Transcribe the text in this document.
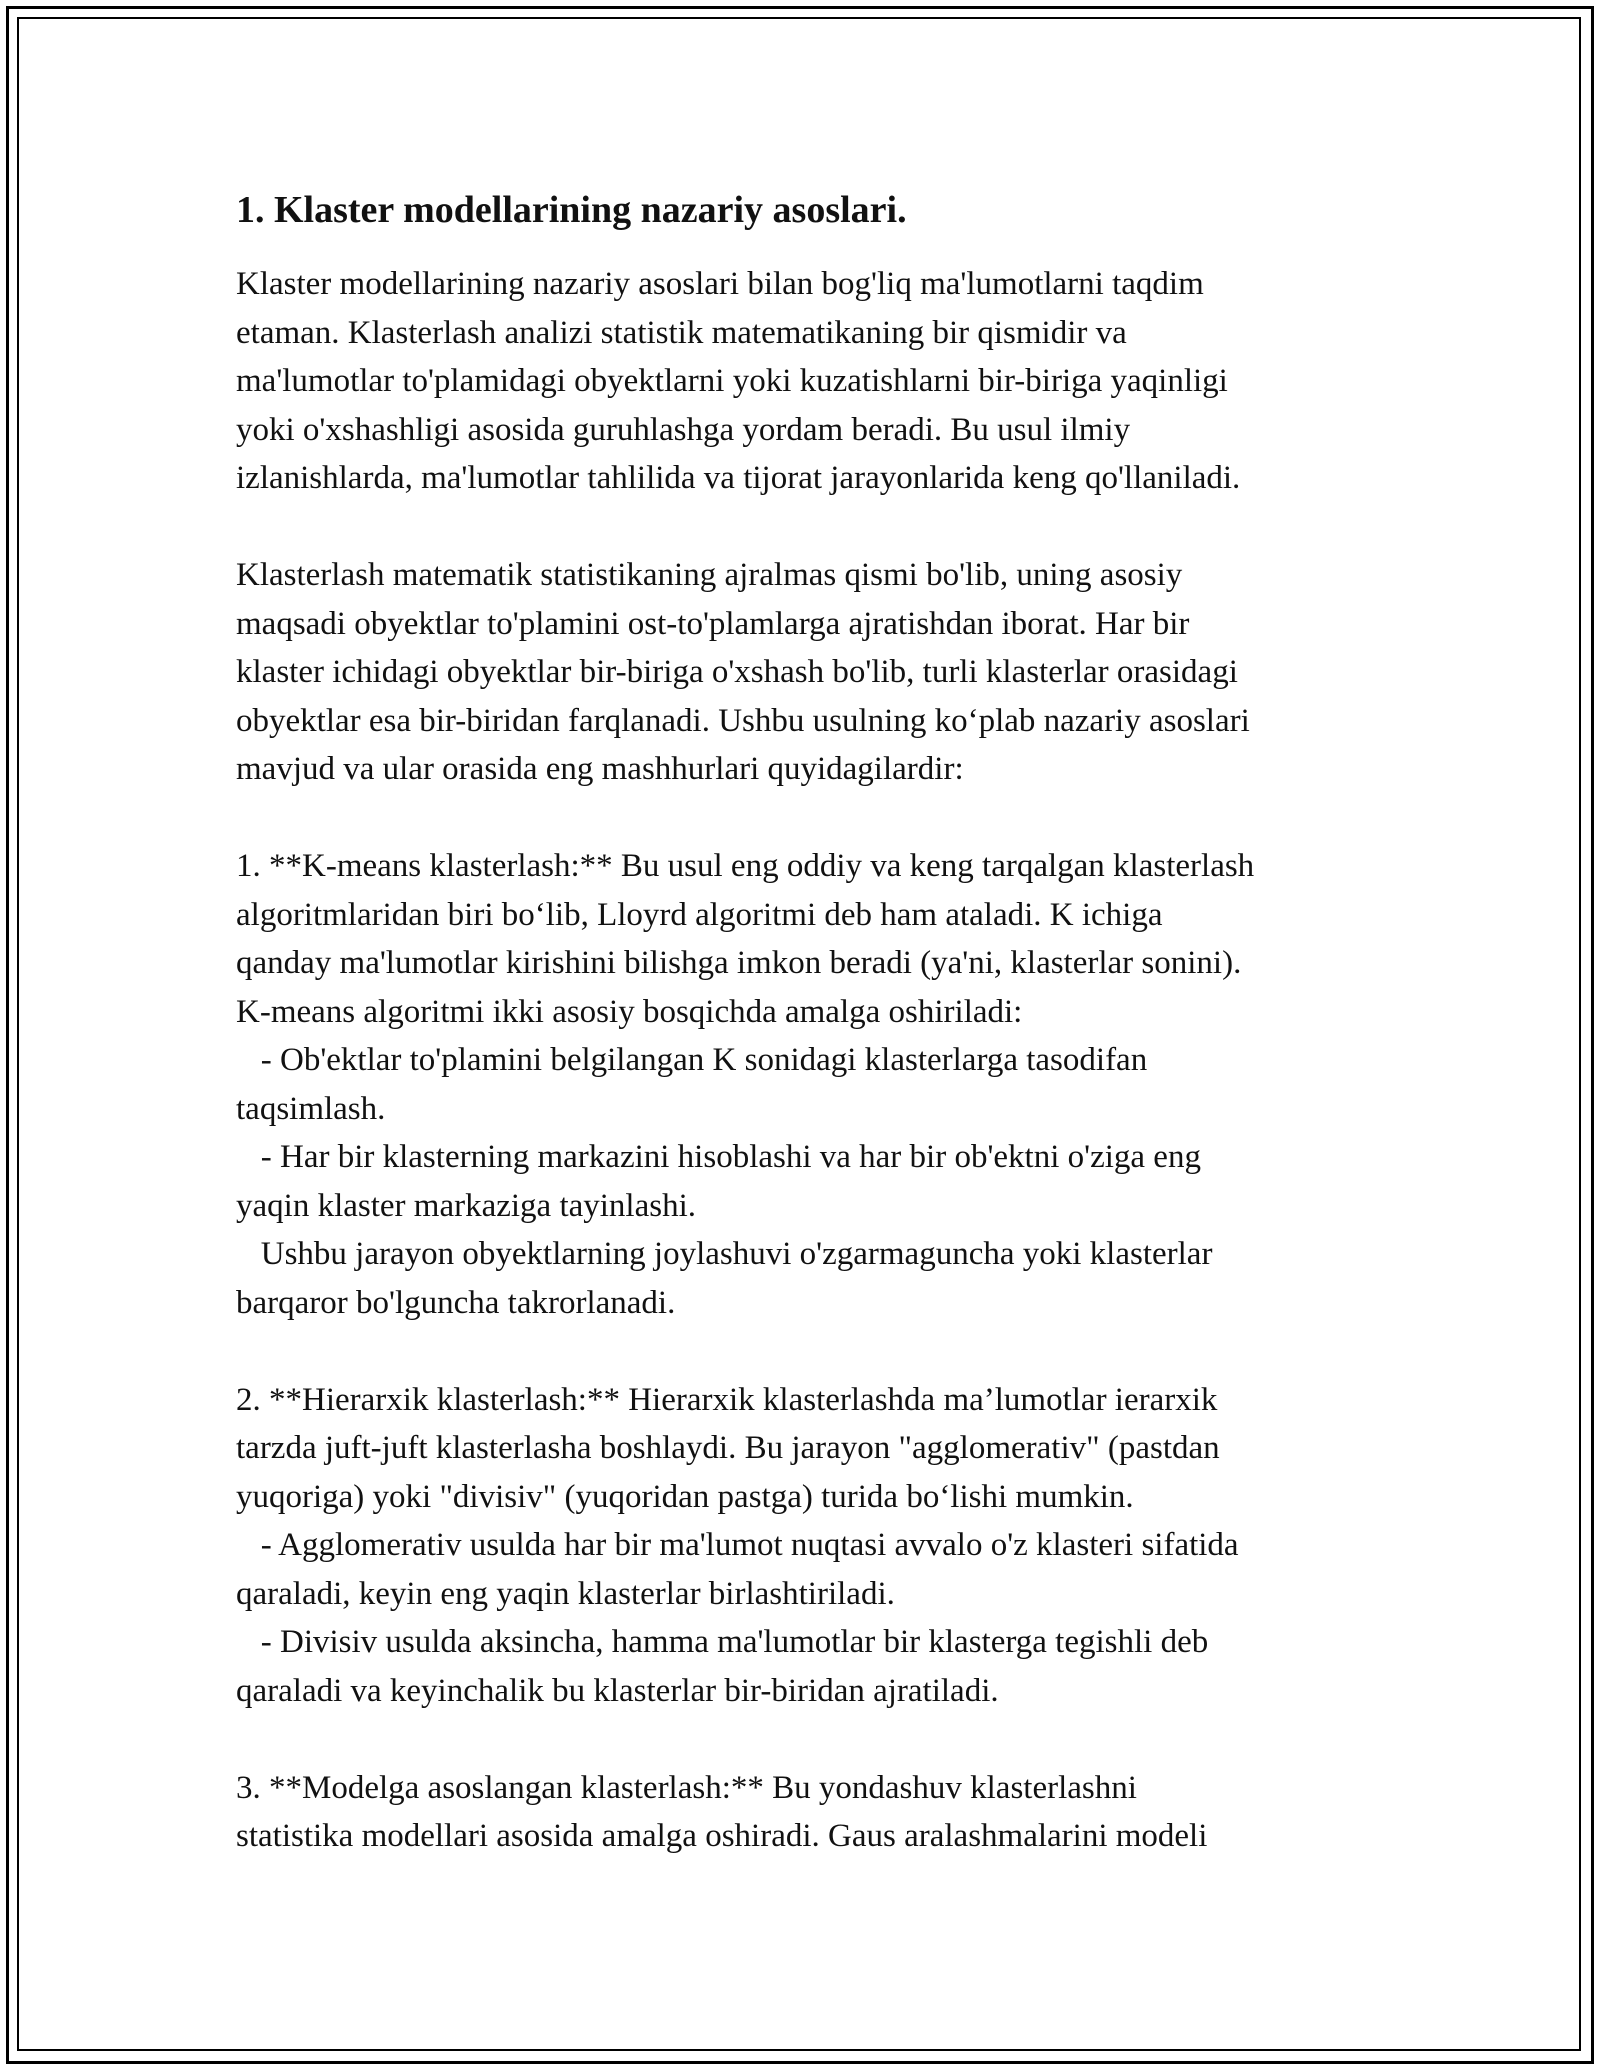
1. Klaster modellarining nazariy asoslari.

Klaster modellarining nazariy asoslari bilan bog'liq ma'lumotlarni taqdim
etaman. Klasterlash analizi statistik matematikaning bir qismidir va
ma'lumotlar to'plamidagi obyektlarni yoki kuzatishlarni bir-biriga yaqinligi
yoki o'xshashligi asosida guruhlashga yordam beradi. Bu usul ilmiy
izlanishlarda, ma'lumotlar tahlilida va tijorat jarayonlarida keng qo'llaniladi.

Klasterlash matematik statistikaning ajralmas qismi bo'lib, uning asosiy
maqsadi obyektlar to'plamini ost-to'plamlarga ajratishdan iborat. Har bir
klaster ichidagi obyektlar bir-biriga o'xshash bo'lib, turli klasterlar orasidagi
obyektlar esa bir-biridan farqlanadi. Ushbu usulning ko‘plab nazariy asoslari
mavjud va ular orasida eng mashhurlari quyidagilardir:

1. **K-means klasterlash:** Bu usul eng oddiy va keng tarqalgan klasterlash
algoritmlaridan biri bo‘lib, Lloyrd algoritmi deb ham ataladi. K ichiga
qanday ma'lumotlar kirishini bilishga imkon beradi (ya'ni, klasterlar sonini).
K-means algoritmi ikki asosiy bosqichda amalga oshiriladi:
- Ob'ektlar to'plamini belgilangan K sonidagi klasterlarga tasodifan
taqsimlash.
- Har bir klasterning markazini hisoblashi va har bir ob'ektni o'ziga eng
yaqin klaster markaziga tayinlashi.
Ushbu jarayon obyektlarning joylashuvi o'zgarmaguncha yoki klasterlar
barqaror bo'lguncha takrorlanadi.

2. **Hierarxik klasterlash:** Hierarxik klasterlashda ma’lumotlar ierarxik
tarzda juft-juft klasterlasha boshlaydi. Bu jarayon "agglomerativ" (pastdan
yuqoriga) yoki "divisiv" (yuqoridan pastga) turida bo‘lishi mumkin.
- Agglomerativ usulda har bir ma'lumot nuqtasi avvalo o'z klasteri sifatida
qaraladi, keyin eng yaqin klasterlar birlashtiriladi.
- Divisiv usulda aksincha, hamma ma'lumotlar bir klasterga tegishli deb
qaraladi va keyinchalik bu klasterlar bir-biridan ajratiladi.

3. **Modelga asoslangan klasterlash:** Bu yondashuv klasterlashni
statistika modellari asosida amalga oshiradi. Gaus aralashmalarini modeli
